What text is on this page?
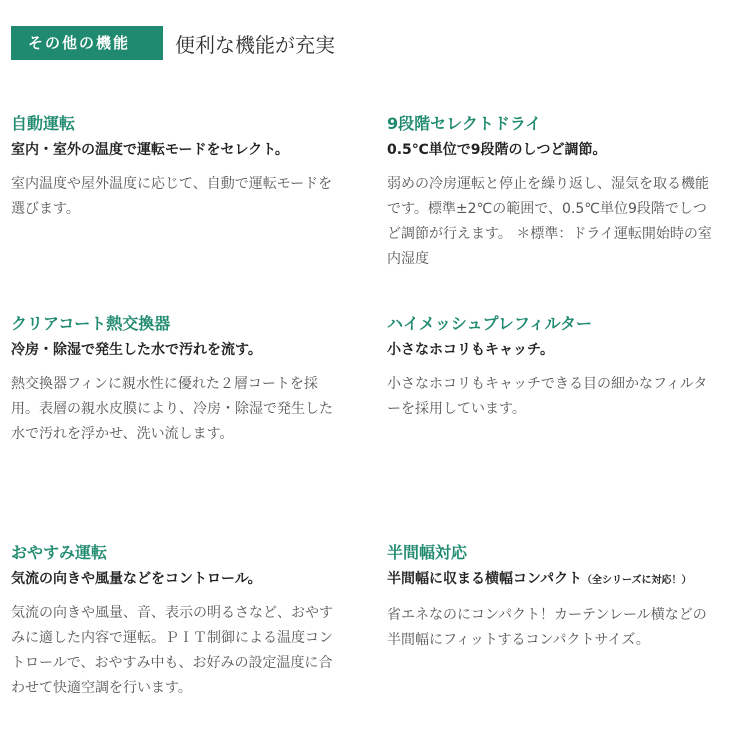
その他の機能	便利な機能が充実
自動運転
室内・室外の温度で運転モードをセレクト。
室内温度や屋外温度に応じて、自動で運転モードを選びます。
9段階セレクトドライ
0.5℃単位で9段階のしつど調節。
弱めの冷房運転と停止を繰り返し、湿気を取る機能です。標準±2℃の範囲で、0.5℃単位9段階でしつど調節が行えます。 ＊標準：ドライ運転開始時の室内湿度
クリアコート熱交換器
冷房・除湿で発生した水で汚れを流す。
熱交換器フィンに親水性に優れた２層コートを採用。表層の親水皮膜により、冷房・除湿で発生した水で汚れを浮かせ、洗い流します。
ハイメッシュプレフィルター
小さなホコリもキャッチ。
小さなホコリもキャッチできる目の細かなフィルターを採用しています。
おやすみ運転
気流の向きや風量などをコントロール。
気流の向きや風量、音、表示の明るさなど、おやすみに適した内容で運転。ＰＩＴ制御による温度コントロールで、おやすみ中も、お好みの設定温度に合わせて快適空調を行います。
半間幅対応
半間幅に収まる横幅コンパクト（全シリーズに対応！）
省エネなのにコンパクト！カーテンレール横などの半間幅にフィットするコンパクトサイズ。
